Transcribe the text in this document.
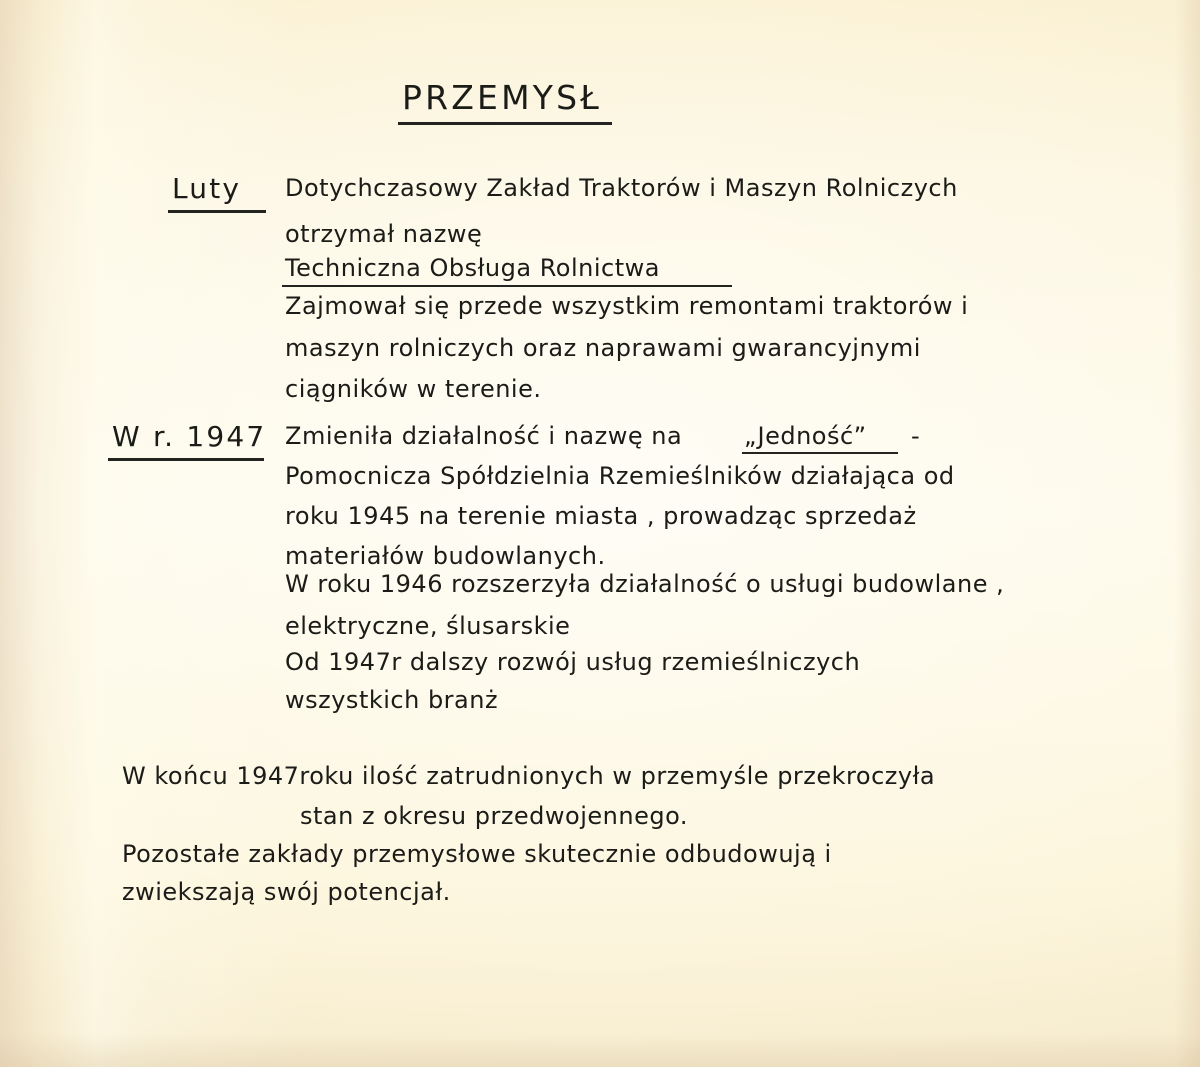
PRZEMYSŁ
Luty Dotychczasowy Zakład Traktorów i Maszyn Rolniczych
otrzymał nazwę
Techniczna Obsługa Rolnictwa
Zajmował się przede wszystkim remontami traktorów i
maszyn rolniczych oraz naprawami gwarancyjnymi
ciągników w terenie.
W r. 1947 Zmieniła działalność i nazwę na	„Jedność” -
Pomocnicza Spółdzielnia Rzemieślników działająca od
roku 1945 na terenie miasta , prowadząc sprzedaż
materiałów budowlanych.
W roku 1946 rozszerzyła działalność o usługi budowlane ,
elektryczne, ślusarskie
Od 1947r dalszy rozwój usług rzemieślniczych
wszystkich branż
W końcu 1947roku ilość zatrudnionych w przemyśle przekroczyła
stan z okresu przedwojennego.
Pozostałe zakłady przemysłowe skutecznie odbudowują i
zwiekszają swój potencjał.
